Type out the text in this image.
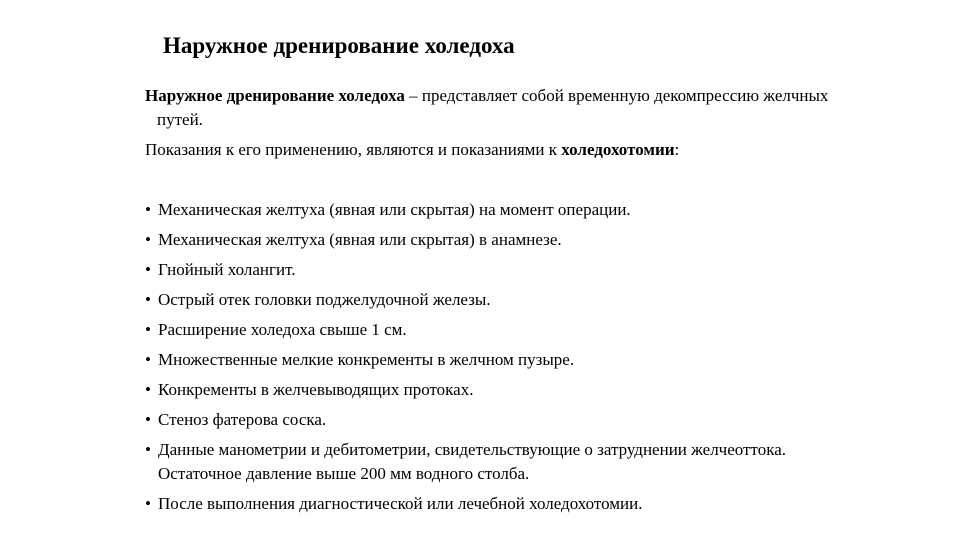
Наружное дренирование холедоха

Наружное дренирование холедоха – представляет собой временную декомпрессию желчных путей.

Показания к его применению, являются и показаниями к холедохотомии:

• Механическая желтуха (явная или скрытая) на момент операции.
• Механическая желтуха (явная или скрытая) в анамнезе.
• Гнойный холангит.
• Острый отек головки поджелудочной железы.
• Расширение холедоха свыше 1 см.
• Множественные мелкие конкременты в желчном пузыре.
• Конкременты в желчевыводящих протоках.
• Стеноз фатерова соска.
• Данные манометрии и дебитометрии, свидетельствующие о затруднении желчеоттока. Остаточное давление выше 200 мм водного столба.
• После выполнения диагностической или лечебной холедохотомии.
